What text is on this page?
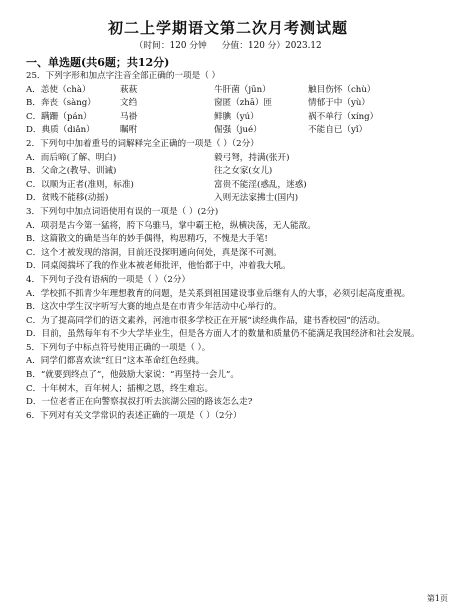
初二上学期语文第二次月考测试题
（时间：120 分钟 分值：120 分）2023.12
一、单选题(共6题；共12分)
25．下列字形和加点字注音全部正确的一项是（ ）
A．恙使（chà）	萩萩	牛肝菌（jūn）	触目伤怀（chù）
B．奔丧（sàng）	文绉	窗匿（zhā）匝	情郁于中（yù）
C．蹒跚（pán）	马褂	鲜腆（yú）	祸不单行（xíng）
D．典质（diǎn）	瞩咐	倔强（jué）	不能自已（yǐ）
2．下列句中加着重号的词解释完全正确的一项是（ ）（2分）
A．而后啼(了解、明白)	毅弓弩，持满(张开)
B．父命之(教导、训诫)	往之女家(女儿)
C．以顺为正者(准则，标准)	富贵不能淫(惑乱，迷惑)
D．贫贱不能移(动摇)	入则无法家拂士(国内)
3．下列句中加点词语使用有误的一项是（ ）(2分)
A．项羽是古今第一猛将，胯下乌骓马，掌中霸王枪，纵横决荡，无人能敌。
B．这篇散文的确是当年的妙手偶得，构思精巧，不愧是大手笔!
C．这个才被发现的溶洞，目前还没探明通向何处，真是深不可测。
D．同桌阅揣坏了我的作业本被老师批评，他怡都于中，冲着我大吼。
4．下列句子没有语病的一项是（ ）（2分）
A．学校抓不抓青少年理想教育的问题，是关系到祖国建设事业后继有人的大事，必须引起高度重视。
B．这次中学生汉字听写大赛的地点是在市青少年活动中心举行的。
C．为了提高同学们的语文素养，河池市很多学校正在开展“读经典作品，建书香校园”的活动。
D．目前，虽然每年有不少大学毕业生，但是各方面人才的数量和质量仍不能满足我国经济和社会发展。
5．下列句子中标点符号使用正确的一项是（ ）。
A．同学们都喜欢读“红日”这本革命红色经典。
B．“就要到终点了”，他鼓励大家说：“再坚持一会儿”。
C．十年树木，百年树人；插柳之恩，终生难忘。
D．一位老者正在向警察叔叔打听去滨湖公园的路该怎么走?
6．下列对有关文学常识的表述正确的一项是（ ）（2分）
第1页
